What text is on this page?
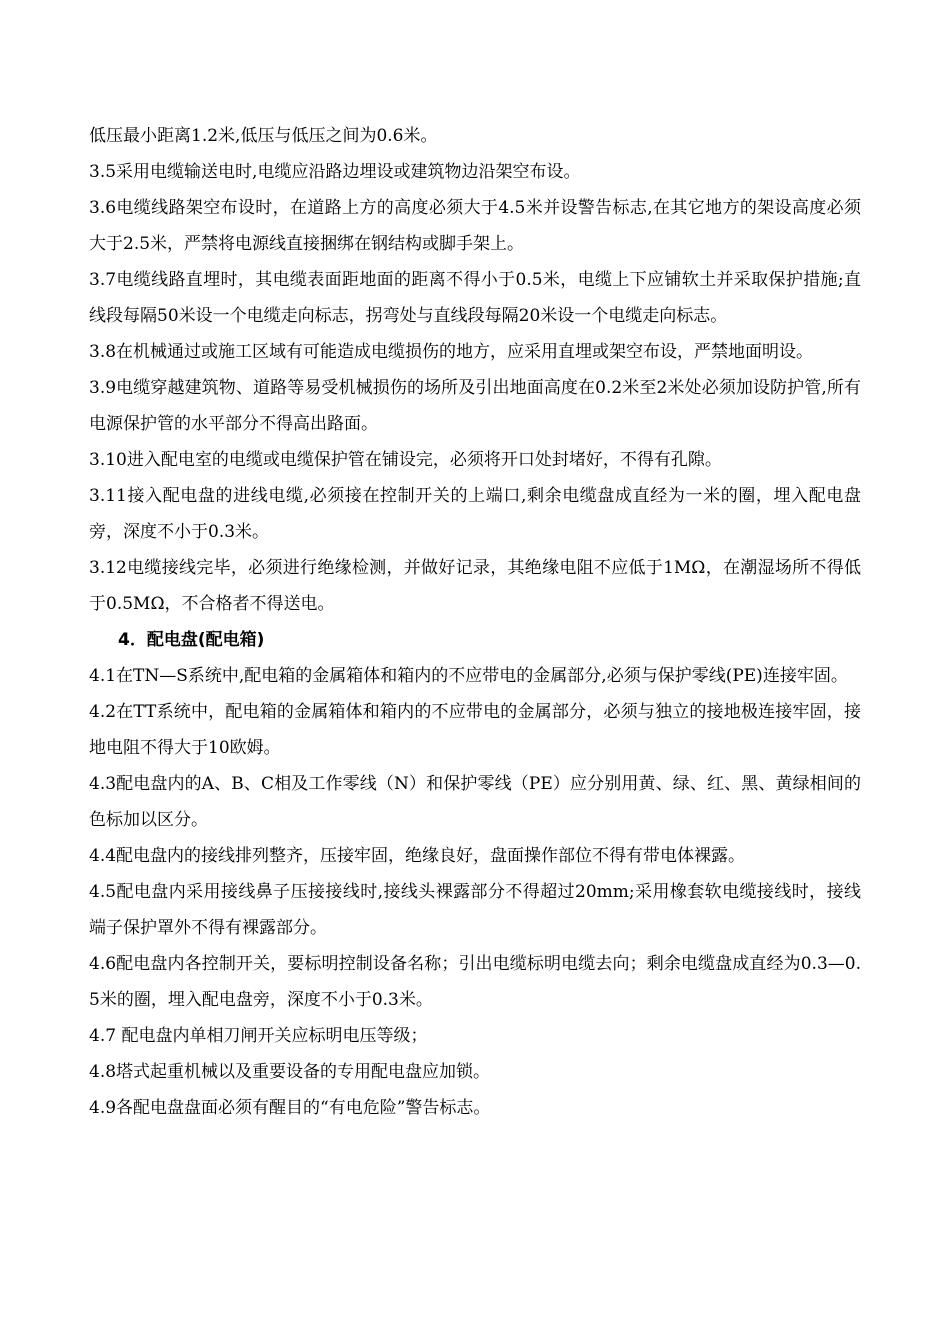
低压最小距离1.2米,低压与低压之间为0.6米。

3.5采用电缆输送电时,电缆应沿路边埋设或建筑物边沿架空布设。

3.6电缆线路架空布设时，在道路上方的高度必须大于4.5米并设警告标志,在其它地方的架设高度必须大于2.5米，严禁将电源线直接捆绑在钢结构或脚手架上。

3.7电缆线路直埋时，其电缆表面距地面的距离不得小于0.5米，电缆上下应铺软土并采取保护措施;直线段每隔50米设一个电缆走向标志，拐弯处与直线段每隔20米设一个电缆走向标志。

3.8在机械通过或施工区域有可能造成电缆损伤的地方，应采用直埋或架空布设，严禁地面明设。

3.9电缆穿越建筑物、道路等易受机械损伤的场所及引出地面高度在0.2米至2米处必须加设防护管,所有电源保护管的水平部分不得高出路面。

3.10进入配电室的电缆或电缆保护管在铺设完，必须将开口处封堵好，不得有孔隙。

3.11接入配电盘的进线电缆,必须接在控制开关的上端口,剩余电缆盘成直经为一米的圈，埋入配电盘旁，深度不小于0.3米。

3.12电缆接线完毕，必须进行绝缘检测，并做好记录，其绝缘电阻不应低于1MΩ，在潮湿场所不得低于0.5MΩ，不合格者不得送电。

4．配电盘(配电箱)

4.1在TN—S系统中,配电箱的金属箱体和箱内的不应带电的金属部分,必须与保护零线(PE)连接牢固。

4.2在TT系统中，配电箱的金属箱体和箱内的不应带电的金属部分，必须与独立的接地极连接牢固，接地电阻不得大于10欧姆。

4.3配电盘内的A、B、C相及工作零线（N）和保护零线（PE）应分别用黄、绿、红、黑、黄绿相间的色标加以区分。

4.4配电盘内的接线排列整齐，压接牢固，绝缘良好，盘面操作部位不得有带电体裸露。

4.5配电盘内采用接线鼻子压接接线时,接线头裸露部分不得超过20mm;采用橡套软电缆接线时，接线端子保护罩外不得有裸露部分。

4.6配电盘内各控制开关，要标明控制设备名称；引出电缆标明电缆去向；剩余电缆盘成直经为0.3—0.5米的圈，埋入配电盘旁，深度不小于0.3米。

4.7 配电盘内单相刀闸开关应标明电压等级；

4.8塔式起重机械以及重要设备的专用配电盘应加锁。

4.9各配电盘盘面必须有醒目的“有电危险”警告标志。
